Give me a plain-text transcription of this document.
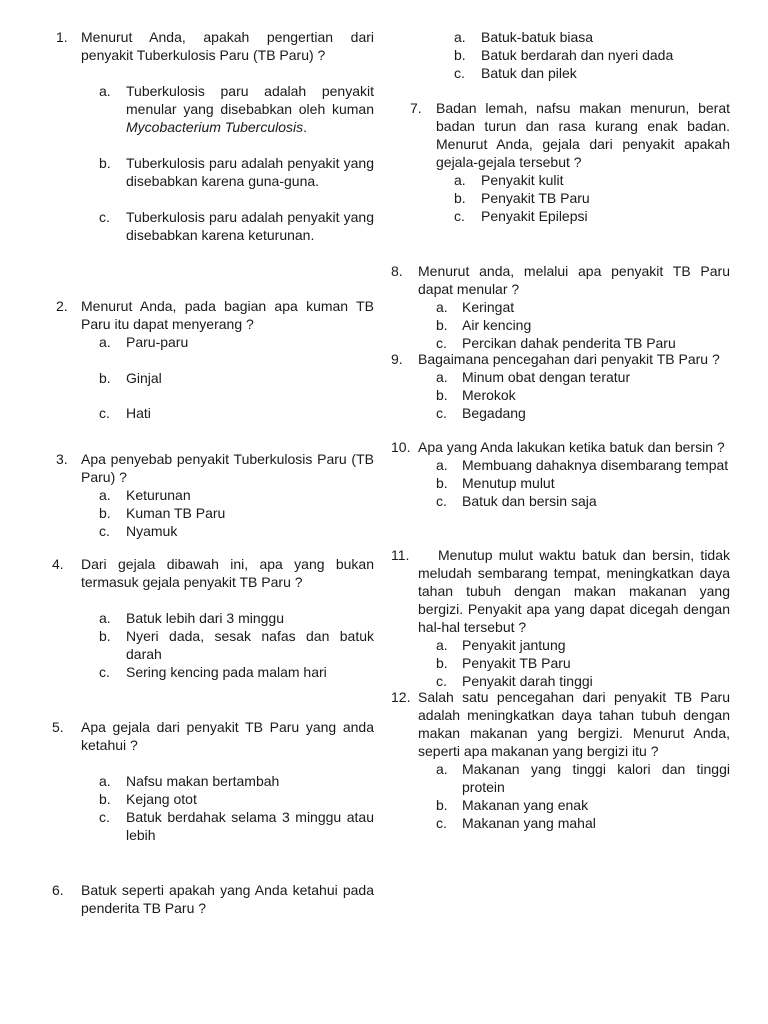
1. Menurut Anda, apakah pengertian dari penyakit Tuberkulosis Paru (TB Paru) ?
a.	Tuberkulosis paru adalah penyakit menular yang disebabkan oleh kuman Mycobacterium Tuberculosis.
b.	Tuberkulosis paru adalah penyakit yang disebabkan karena guna-guna.
c.	Tuberkulosis paru adalah penyakit yang disebabkan karena keturunan.
2. Menurut Anda, pada bagian apa kuman TB Paru itu dapat menyerang ?
a.	Paru-paru
b.	Ginjal
c.	Hati
3. Apa penyebab penyakit Tuberkulosis Paru (TB Paru) ?
a.	Keturunan
b.	Kuman TB Paru
c.	Nyamuk
4.	Dari gejala dibawah ini, apa yang bukan termasuk gejala penyakit TB Paru ?
a.	Batuk lebih dari 3 minggu
b.	Nyeri dada, sesak nafas dan batuk darah
c.	Sering kencing pada malam hari
5.	Apa gejala dari penyakit TB Paru yang anda ketahui ?
a.	Nafsu makan bertambah
b.	Kejang otot
c.	Batuk berdahak selama 3 minggu atau lebih
6.	Batuk seperti apakah yang Anda ketahui pada penderita TB Paru ?
a.	Batuk-batuk biasa
b.	Batuk berdarah dan nyeri dada
c.	Batuk dan pilek
7.	Badan lemah, nafsu makan menurun, berat badan turun dan rasa kurang enak badan. Menurut Anda, gejala dari penyakit apakah gejala-gejala tersebut ?
a.	Penyakit kulit
b.	Penyakit TB Paru
c.	Penyakit Epilepsi
8.	Menurut anda, melalui apa penyakit TB Paru dapat menular ?
a.	Keringat
b.	Air kencing
c.	Percikan dahak penderita TB Paru
9.	Bagaimana pencegahan dari penyakit TB Paru ?
a.	Minum obat dengan teratur
b.	Merokok
c.	Begadang
10. Apa yang Anda lakukan ketika batuk dan bersin ?
a.	Membuang dahaknya disembarang tempat
b.	Menutup mulut
c.	Batuk dan bersin saja
11.	Menutup mulut waktu batuk dan bersin, tidak meludah sembarang tempat, meningkatkan daya tahan tubuh dengan makan makanan yang bergizi. Penyakit apa yang dapat dicegah dengan hal-hal tersebut ?
a.	Penyakit jantung
b.	Penyakit TB Paru
c.	Penyakit darah tinggi
12. Salah satu pencegahan dari penyakit TB Paru adalah meningkatkan daya tahan tubuh dengan makan makanan yang bergizi. Menurut Anda, seperti apa makanan yang bergizi itu ?
a.	Makanan yang tinggi kalori dan tinggi protein
b.	Makanan yang enak
c.	Makanan yang mahal
